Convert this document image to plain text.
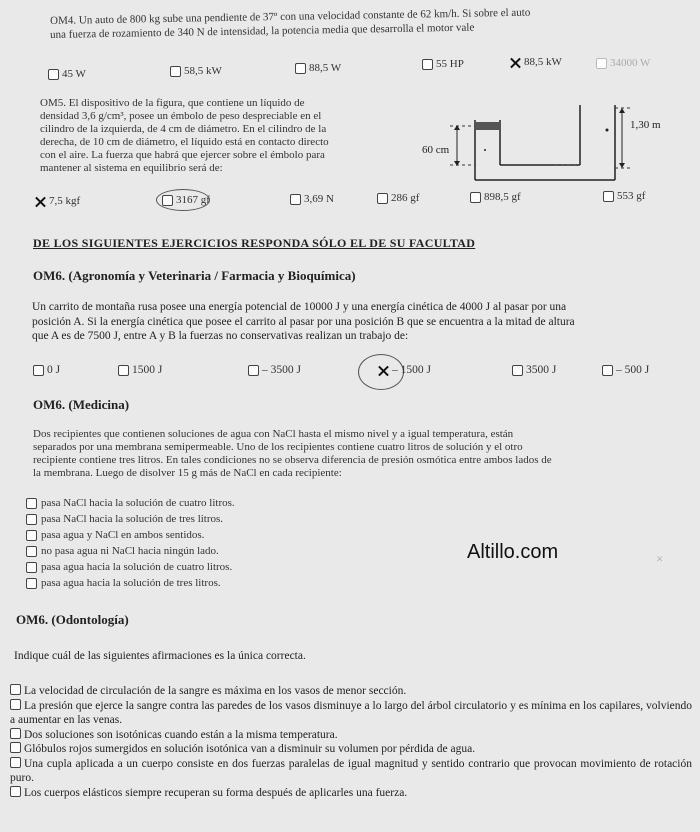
OM4. Un auto de 800 kg sube una pendiente de 37º con una velocidad constante de 62 km/h. Si sobre el auto
una fuerza de rozamiento de 340 N de intensidad, la potencia media que desarrolla el motor vale
45 W	58,5 kW	88,5 W	55 HP	88,5 kW	34000 W
OM5. El dispositivo de la figura, que contiene un líquido de
densidad 3,6 g/cm³, posee un émbolo de peso despreciable en el
cilindro de la izquierda, de 4 cm de diámetro. En el cilindro de la
derecha, de 10 cm de diámetro, el líquido está en contacto directo
con el aire. La fuerza que habrá que ejercer sobre el émbolo para
mantener al sistema en equilibrio será de:
60 cm
1,30 m
7,5 kgf	3167 gf	3,69 N	286 gf	898,5 gf	553 gf
DE LOS SIGUIENTES EJERCICIOS RESPONDA SÓLO EL DE SU FACULTAD
OM6. (Agronomía y Veterinaria / Farmacia y Bioquímica)
Un carrito de montaña rusa posee una energía potencial de 10000 J y una energía cinética de 4000 J al pasar por una
posición A. Si la energía cinética que posee el carrito al pasar por una posición B que se encuentra a la mitad de altura
que A es de 7500 J, entre A y B la fuerzas no conservativas realizan un trabajo de:
0 J	1500 J	– 3500 J	– 1500 J	3500 J	– 500 J
OM6. (Medicina)
Dos recipientes que contienen soluciones de agua con NaCl hasta el mismo nivel y a igual temperatura, están
separados por una membrana semipermeable. Uno de los recipientes contiene cuatro litros de solución y el otro
recipiente contiene tres litros. En tales condiciones no se observa diferencia de presión osmótica entre ambos lados de
la membrana. Luego de disolver 15 g más de NaCl en cada recipiente:
pasa NaCl hacia la solución de cuatro litros.
pasa NaCl hacia la solución de tres litros.
pasa agua y NaCl en ambos sentidos.
no pasa agua ni NaCl hacia ningún lado.
pasa agua hacia la solución de cuatro litros.
pasa agua hacia la solución de tres litros.
Altillo.com	×
OM6. (Odontología)
Indique cuál de las siguientes afirmaciones es la única correcta.
La velocidad de circulación de la sangre es máxima en los vasos de menor sección.
La presión que ejerce la sangre contra las paredes de los vasos disminuye a lo largo del árbol circulatorio y es mínima en los capilares, volviendo a aumentar en las venas.
Dos soluciones son isotónicas cuando están a la misma temperatura.
Glóbulos rojos sumergidos en solución isotónica van a disminuir su volumen por pérdida de agua.
Una cupla aplicada a un cuerpo consiste en dos fuerzas paralelas de igual magnitud y sentido contrario que provocan movimiento de rotación puro.
Los cuerpos elásticos siempre recuperan su forma después de aplicarles una fuerza.
